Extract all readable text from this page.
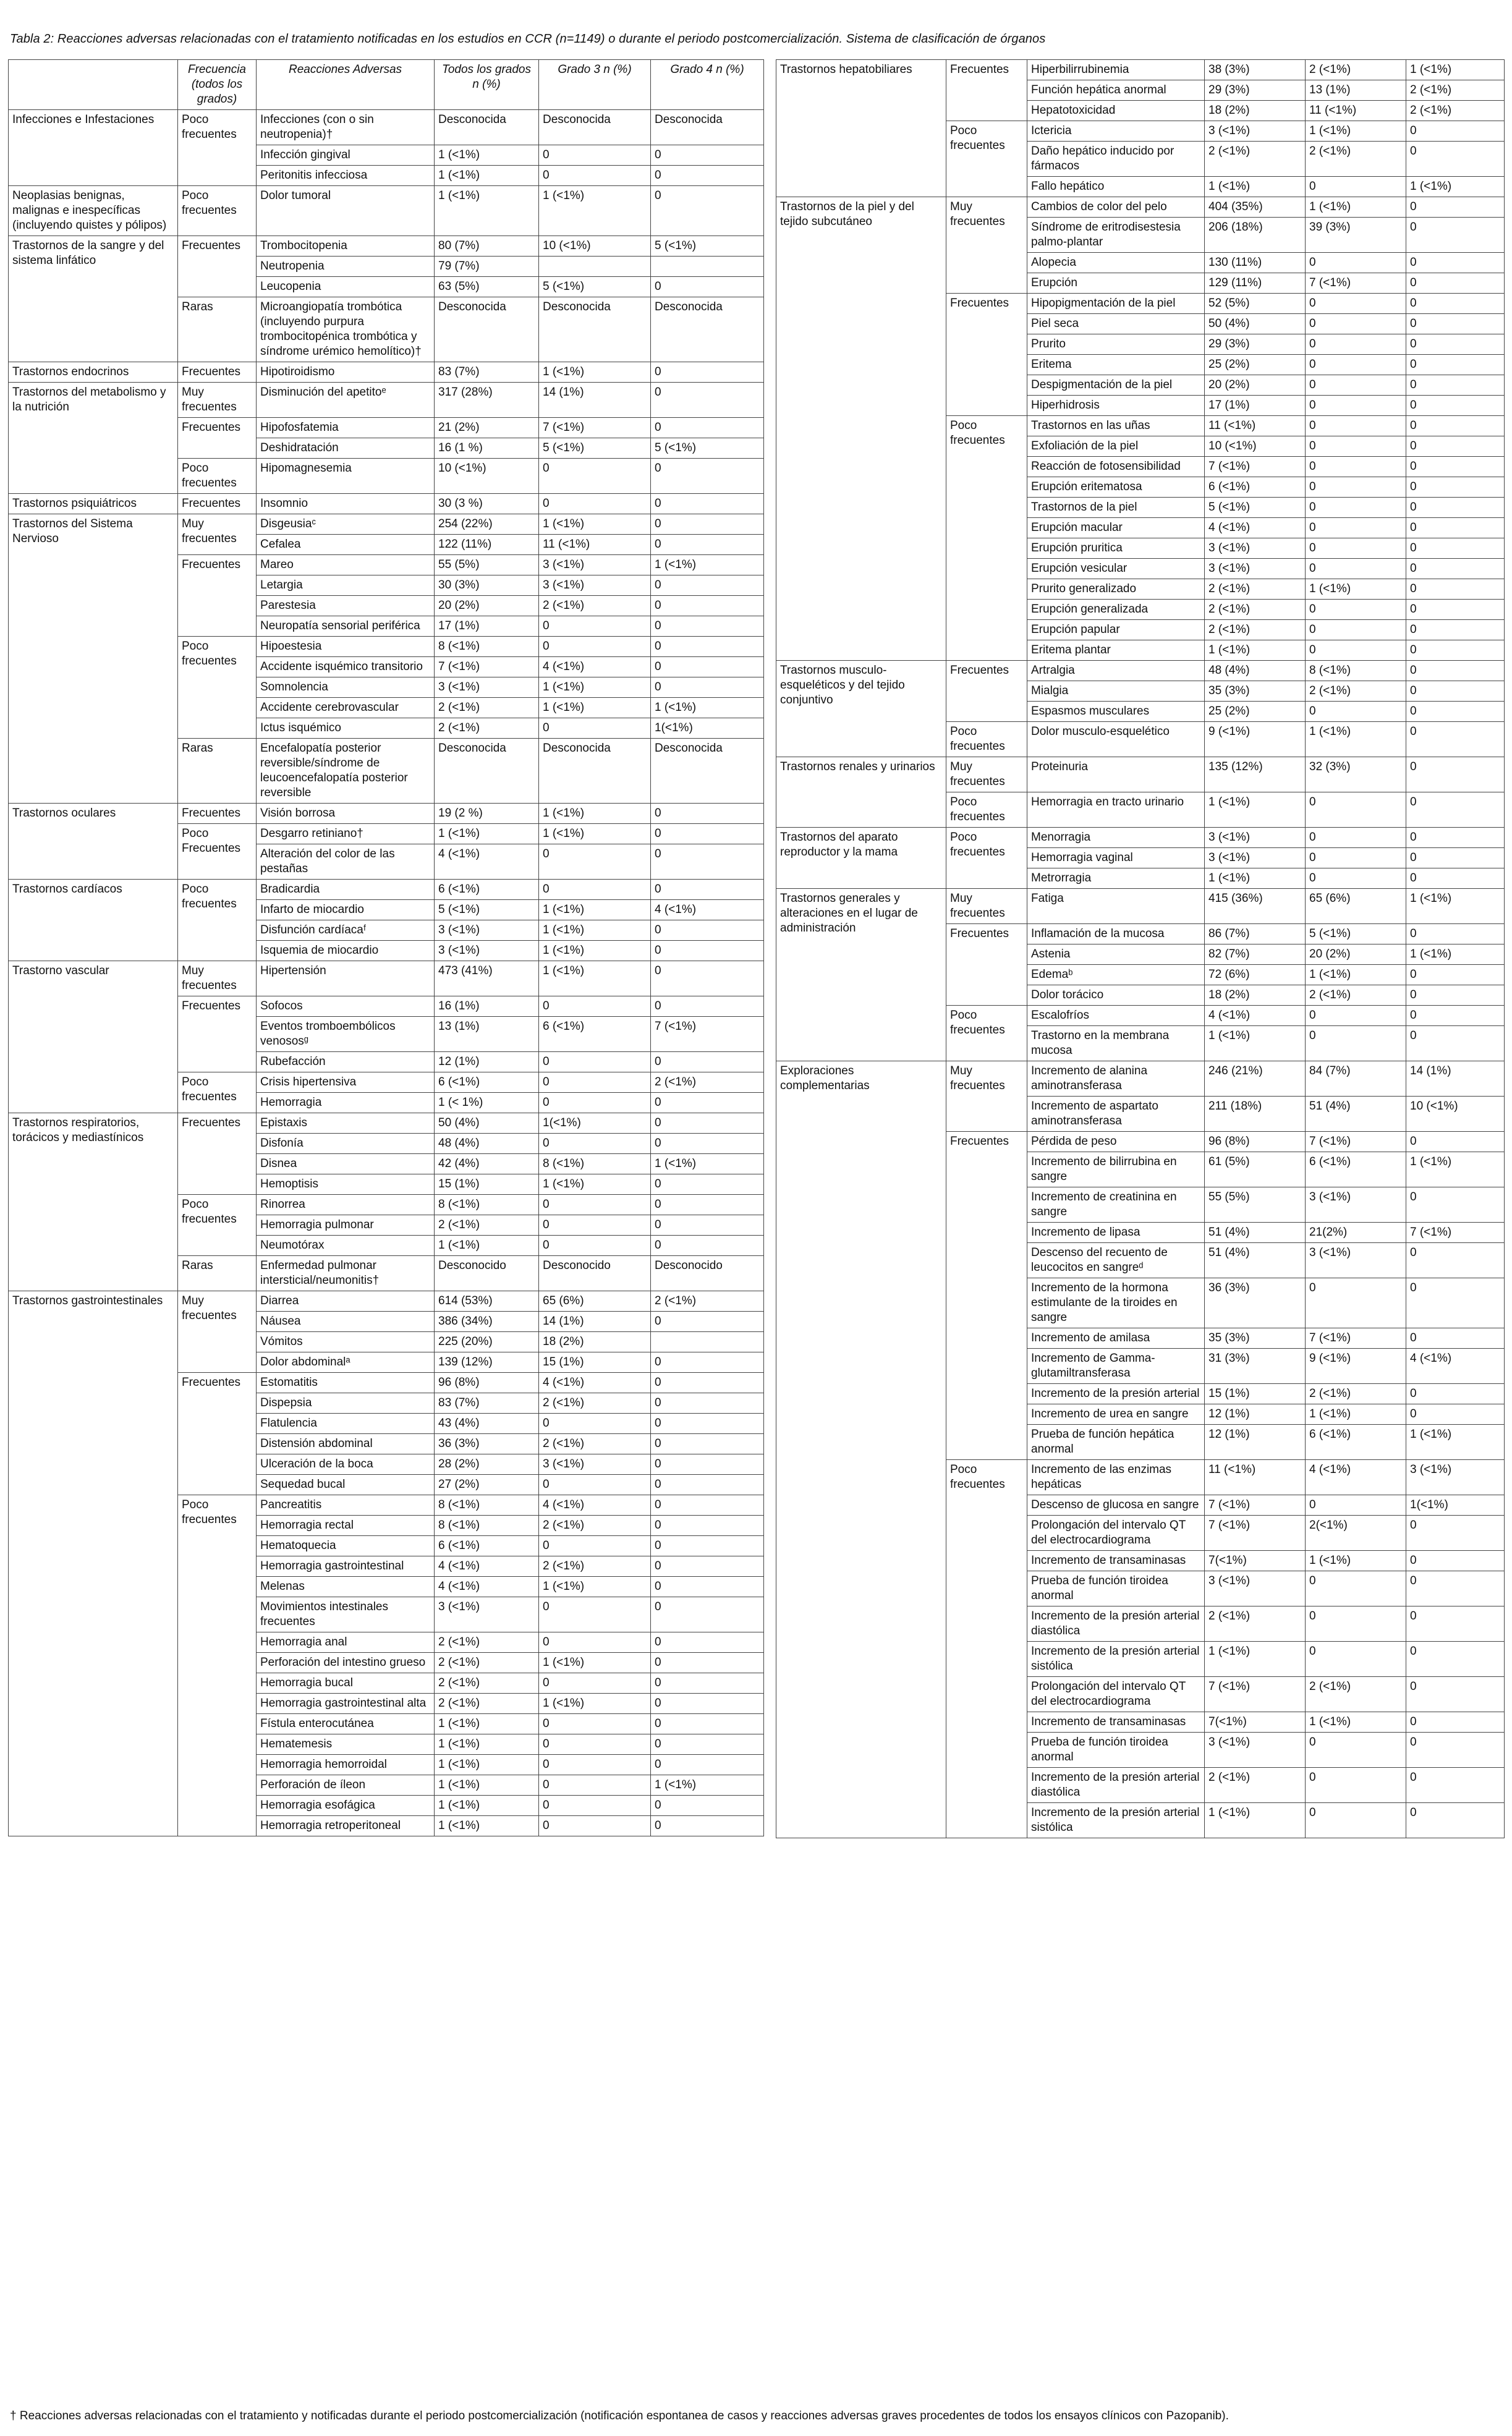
Tabla 2: Reacciones adversas relacionadas con el tratamiento notificadas en los estudios en CCR (n=1149) o durante el periodo postcomercialización. Sistema de clasificación de órganos
	Frecuencia (todos los grados)	Reacciones Adversas	Todos los grados n (%)	Grado 3 n (%)	Grado 4 n (%)
Infecciones e Infestaciones	Poco frecuentes	Infecciones (con o sin neutropenia)†	Desconocida	Desconocida	Desconocida
		Infección gingival	1 (<1%)	0	0
		Peritonitis infecciosa	1 (<1%)	0	0
Neoplasias benignas, malignas e inespecíficas (incluyendo quistes y pólipos)	Poco frecuentes	Dolor tumoral	1 (<1%)	1 (<1%)	0
Trastornos de la sangre y del sistema linfático	Frecuentes	Trombocitopenia	80 (7%)	10 (<1%)	5 (<1%)
		Neutropenia	79 (7%)		
		Leucopenia	63 (5%)	5 (<1%)	0
	Raras	Microangiopatía trombótica (incluyendo purpura trombocitopénica trombótica y síndrome urémico hemolítico)†	Desconocida	Desconocida	Desconocida
Trastornos endocrinos	Frecuentes	Hipotiroidismo	83 (7%)	1 (<1%)	0
Trastornos del metabolismo y la nutrición	Muy frecuentes	Disminución del apetitoᵉ	317 (28%)	14 (1%)	0
	Frecuentes	Hipofosfatemia	21 (2%)	7 (<1%)	0
		Deshidratación	16 (1 %)	5 (<1%)	5 (<1%)
	Poco frecuentes	Hipomagnesemia	10 (<1%)	0	0
Trastornos psiquiátricos	Frecuentes	Insomnio	30 (3 %)	0	0
Trastornos del Sistema Nervioso	Muy frecuentes	Disgeusiaᶜ	254 (22%)	1 (<1%)	0
		Cefalea	122 (11%)	11 (<1%)	0
	Frecuentes	Mareo	55 (5%)	3 (<1%)	1 (<1%)
		Letargia	30 (3%)	3 (<1%)	0
		Parestesia	20 (2%)	2 (<1%)	0
		Neuropatía sensorial periférica	17 (1%)	0	0
	Poco frecuentes	Hipoestesia	8 (<1%)	0	0
		Accidente isquémico transitorio	7 (<1%)	4 (<1%)	0
		Somnolencia	3 (<1%)	1 (<1%)	0
		Accidente cerebrovascular	2 (<1%)	1 (<1%)	1 (<1%)
		Ictus isquémico	2 (<1%)	0	1(<1%)
	Raras	Encefalopatía posterior reversible/síndrome de leucoencefalopatía posterior reversible	Desconocida	Desconocida	Desconocida
Trastornos oculares	Frecuentes	Visión borrosa	19 (2 %)	1 (<1%)	0
	Poco Frecuentes	Desgarro retiniano†	1 (<1%)	1 (<1%)	0
		Alteración del color de las pestañas	4 (<1%)	0	0
Trastornos cardíacos	Poco frecuentes	Bradicardia	6 (<1%)	0	0
		Infarto de miocardio	5 (<1%)	1 (<1%)	4 (<1%)
		Disfunción cardíacaᶠ	3 (<1%)	1 (<1%)	0
		Isquemia de miocardio	3 (<1%)	1 (<1%)	0
Trastorno vascular	Muy frecuentes	Hipertensión	473 (41%)	1 (<1%)	0
	Frecuentes	Sofocos	16 (1%)	0	0
		Eventos tromboembólicos venososᵍ	13 (1%)	6 (<1%)	7 (<1%)
		Rubefacción	12 (1%)	0	0
	Poco frecuentes	Crisis hipertensiva	6 (<1%)	0	2 (<1%)
		Hemorragia	1 (< 1%)	0	0
Trastornos respiratorios, torácicos y mediastínicos	Frecuentes	Epistaxis	50 (4%)	1(<1%)	0
		Disfonía	48 (4%)	0	0
		Disnea	42 (4%)	8 (<1%)	1 (<1%)
		Hemoptisis	15 (1%)	1 (<1%)	0
	Poco frecuentes	Rinorrea	8 (<1%)	0	0
		Hemorragia pulmonar	2 (<1%)	0	0
		Neumotórax	1 (<1%)	0	0
	Raras	Enfermedad pulmonar intersticial/neumonitis†	Desconocido	Desconocido	Desconocido
Trastornos gastrointestinales	Muy frecuentes	Diarrea	614 (53%)	65 (6%)	2 (<1%)
		Náusea	386 (34%)	14 (1%)	0
		Vómitos	225 (20%)	18 (2%)	
		Dolor abdominalᵃ	139 (12%)	15 (1%)	0
	Frecuentes	Estomatitis	96 (8%)	4 (<1%)	0
		Dispepsia	83 (7%)	2 (<1%)	0
		Flatulencia	43 (4%)	0	0
		Distensión abdominal	36 (3%)	2 (<1%)	0
		Ulceración de la boca	28 (2%)	3 (<1%)	0
		Sequedad bucal	27 (2%)	0	0
	Poco frecuentes	Pancreatitis	8 (<1%)	4 (<1%)	0
		Hemorragia rectal	8 (<1%)	2 (<1%)	0
		Hematoquecia	6 (<1%)	0	0
		Hemorragia gastrointestinal	4 (<1%)	2 (<1%)	0
		Melenas	4 (<1%)	1 (<1%)	0
		Movimientos intestinales frecuentes	3 (<1%)	0	0
		Hemorragia anal	2 (<1%)	0	0
		Perforación del intestino grueso	2 (<1%)	1 (<1%)	0
		Hemorragia bucal	2 (<1%)	0	0
		Hemorragia gastrointestinal alta	2 (<1%)	1 (<1%)	0
		Fístula enterocutánea	1 (<1%)	0	0
		Hematemesis	1 (<1%)	0	0
		Hemorragia hemorroidal	1 (<1%)	0	0
		Perforación de íleon	1 (<1%)	0	1 (<1%)
		Hemorragia esofágica	1 (<1%)	0	0
		Hemorragia retroperitoneal	1 (<1%)	0	0
Trastornos hepatobiliares	Frecuentes	Hiperbilirrubinemia	38 (3%)	2 (<1%)	1 (<1%)
		Función hepática anormal	29 (3%)	13 (1%)	2 (<1%)
		Hepatotoxicidad	18 (2%)	11 (<1%)	2 (<1%)
	Poco frecuentes	Ictericia	3 (<1%)	1 (<1%)	0
		Daño hepático inducido por fármacos	2 (<1%)	2 (<1%)	0
		Fallo hepático	1 (<1%)	0	1 (<1%)
Trastornos de la piel y del tejido subcutáneo	Muy frecuentes	Cambios de color del pelo	404 (35%)	1 (<1%)	0
		Síndrome de eritrodisestesia palmo-plantar	206 (18%)	39 (3%)	0
		Alopecia	130 (11%)	0	0
		Erupción	129 (11%)	7 (<1%)	0
	Frecuentes	Hipopigmentación de la piel	52 (5%)	0	0
		Piel seca	50 (4%)	0	0
		Prurito	29 (3%)	0	0
		Eritema	25 (2%)	0	0
		Despigmentación de la piel	20 (2%)	0	0
		Hiperhidrosis	17 (1%)	0	0
	Poco frecuentes	Trastornos en las uñas	11 (<1%)	0	0
		Exfoliación de la piel	10 (<1%)	0	0
		Reacción de fotosensibilidad	7 (<1%)	0	0
		Erupción eritematosa	6 (<1%)	0	0
		Trastornos de la piel	5 (<1%)	0	0
		Erupción macular	4 (<1%)	0	0
		Erupción pruritica	3 (<1%)	0	0
		Erupción vesicular	3 (<1%)	0	0
		Prurito generalizado	2 (<1%)	1 (<1%)	0
		Erupción generalizada	2 (<1%)	0	0
		Erupción papular	2 (<1%)	0	0
		Eritema plantar	1 (<1%)	0	0
Trastornos musculo-esqueléticos y del tejido conjuntivo	Frecuentes	Artralgia	48 (4%)	8 (<1%)	0
		Mialgia	35 (3%)	2 (<1%)	0
		Espasmos musculares	25 (2%)	0	0
	Poco frecuentes	Dolor musculo-esquelético	9 (<1%)	1 (<1%)	0
Trastornos renales y urinarios	Muy frecuentes	Proteinuria	135 (12%)	32 (3%)	0
	Poco frecuentes	Hemorragia en tracto urinario	1 (<1%)	0	0
Trastornos del aparato reproductor y la mama	Poco frecuentes	Menorragia	3 (<1%)	0	0
		Hemorragia vaginal	3 (<1%)	0	0
		Metrorragia	1 (<1%)	0	0
Trastornos generales y alteraciones en el lugar de administración	Muy frecuentes	Fatiga	415 (36%)	65 (6%)	1 (<1%)
	Frecuentes	Inflamación de la mucosa	86 (7%)	5 (<1%)	0
		Astenia	82 (7%)	20 (2%)	1 (<1%)
		Edemaᵇ	72 (6%)	1 (<1%)	0
		Dolor torácico	18 (2%)	2 (<1%)	0
	Poco frecuentes	Escalofríos	4 (<1%)	0	0
		Trastorno en la membrana mucosa	1 (<1%)	0	0
Exploraciones complementarias	Muy frecuentes	Incremento de alanina aminotransferasa	246 (21%)	84 (7%)	14 (1%)
		Incremento de aspartato aminotransferasa	211 (18%)	51 (4%)	10 (<1%)
	Frecuentes	Pérdida de peso	96 (8%)	7 (<1%)	0
		Incremento de bilirrubina en sangre	61 (5%)	6 (<1%)	1 (<1%)
		Incremento de creatinina en sangre	55 (5%)	3 (<1%)	0
		Incremento de lipasa	51 (4%)	21(2%)	7 (<1%)
		Descenso del recuento de leucocitos en sangreᵈ	51 (4%)	3 (<1%)	0
		Incremento de la hormona estimulante de la tiroides en sangre	36 (3%)	0	0
		Incremento de amilasa	35 (3%)	7 (<1%)	0
		Incremento de Gamma-glutamiltransferasa	31 (3%)	9 (<1%)	4 (<1%)
		Incremento de la presión arterial	15 (1%)	2 (<1%)	0
		Incremento de urea en sangre	12 (1%)	1 (<1%)	0
		Prueba de función hepática anormal	12 (1%)	6 (<1%)	1 (<1%)
	Poco frecuentes	Incremento de las enzimas hepáticas	11 (<1%)	4 (<1%)	3 (<1%)
		Descenso de glucosa en sangre	7 (<1%)	0	1(<1%)
		Prolongación del intervalo QT del electrocardiograma	7 (<1%)	2(<1%)	0
		Incremento de transaminasas	7(<1%)	1 (<1%)	0
		Prueba de función tiroidea anormal	3 (<1%)	0	0
		Incremento de la presión arterial diastólica	2 (<1%)	0	0
		Incremento de la presión arterial sistólica	1 (<1%)	0	0
		Prolongación del intervalo QT del electrocardiograma	7 (<1%)	2 (<1%)	0
		Incremento de transaminasas	7(<1%)	1 (<1%)	0
		Prueba de función tiroidea anormal	3 (<1%)	0	0
		Incremento de la presión arterial diastólica	2 (<1%)	0	0
		Incremento de la presión arterial sistólica	1 (<1%)	0	0
† Reacciones adversas relacionadas con el tratamiento y notificadas durante el periodo postcomercialización (notificación espontanea de casos y reacciones adversas graves procedentes de todos los ensayos clínicos con Pazopanib).
